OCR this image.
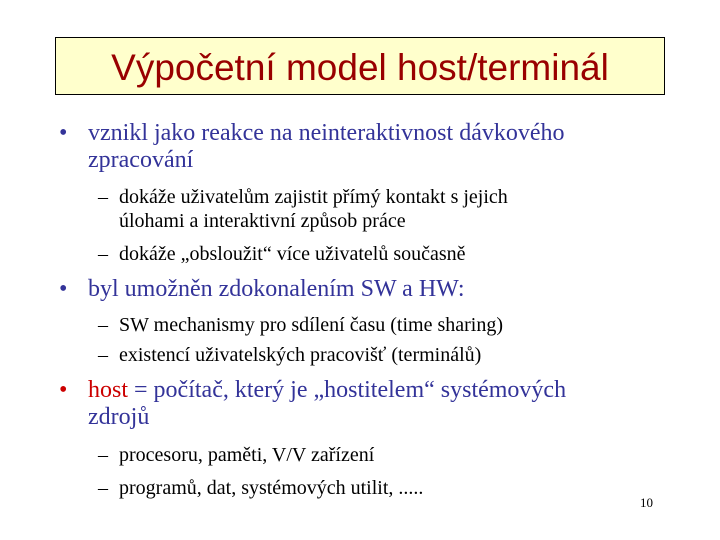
Výpočetní model host/terminál
• vznikl jako reakce na neinteraktivnost dávkového
zpracování
– dokáže uživatelům zajistit přímý kontakt s jejich
úlohami a interaktivní způsob práce
– dokáže „obsloužit“ více uživatelů současně
• byl umožněn zdokonalením SW a HW:
– SW mechanismy pro sdílení času (time sharing)
– existencí uživatelských pracovišť (terminálů)
• host = počítač, který je „hostitelem“ systémových
zdrojů
– procesoru, paměti, V/V zařízení
– programů, dat, systémových utilit, .....
10
